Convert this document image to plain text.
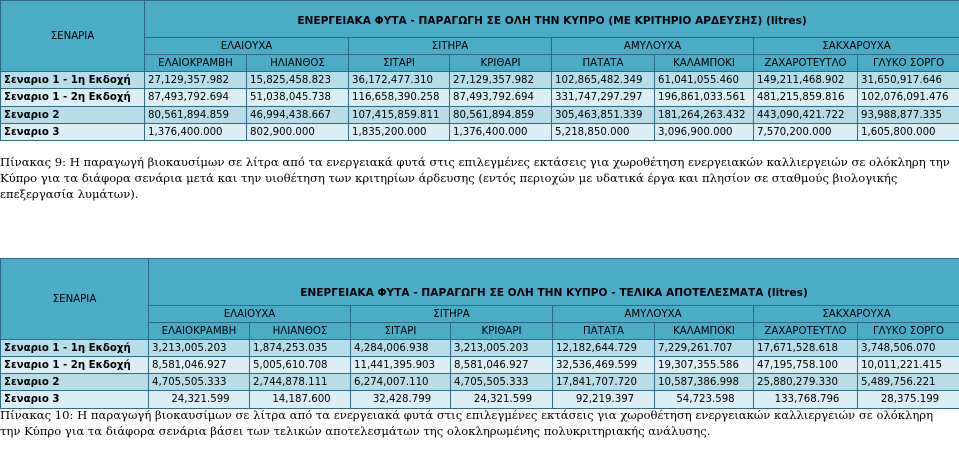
ΣΕΝΑΡΙΑ	ΕΝΕΡΓΕΙΑΚΑ ΦΥΤΑ - ΠΑΡΑΓΩΓΗ ΣΕ ΟΛΗ ΤΗΝ ΚΥΠΡΟ (ΜΕ ΚΡΙΤΗΡΙΟ ΑΡΔΕΥΣΗΣ) (litres)							
	ΕΛΑΙΟΥΧΑ		ΣΙΤΗΡΑ		ΑΜΥΛΟΥΧΑ		ΣΑΚΧΑΡΟΥΧΑ	
	ΕΛΑΙΟΚΡΑΜΒΗ	ΗΛΙΑΝΘΟΣ	ΣΙΤΑΡΙ	ΚΡΙΘΑΡΙ	ΠΑΤΑΤΑ	ΚΑΛΑΜΠΟΚΙ	ΖΑΧΑΡΟΤΕΥΤΛΟ	ΓΛΥΚΟ ΣΟΡΓΟ
Σεναριο 1 - 1η Εκδοχή	27,129,357.982	15,825,458.823	36,172,477.310	27,129,357.982	102,865,482.349	61,041,055.460	149,211,468.902	31,650,917.646
Σεναριο 1 - 2η Εκδοχή	87,493,792.694	51,038,045.738	116,658,390.258	87,493,792.694	331,747,297.297	196,861,033.561	481,215,859.816	102,076,091.476
Σεναριο 2	80,561,894.859	46,994,438.667	107,415,859.811	80,561,894.859	305,463,851.339	181,264,263.432	443,090,421.722	93,988,877.335
Σεναριο 3	1,376,400.000	802,900.000	1,835,200.000	1,376,400.000	5,218,850.000	3,096,900.000	7,570,200.000	1,605,800.000
Πίνακας 9: Η παραγωγή βιοκαυσίμων σε λίτρα από τα ενεργειακά φυτά στις επιλεγμένες εκτάσεις για χωροθέτηση ενεργειακών καλλιεργειών σε ολόκληρη την Κύπρο για τα διάφορα σενάρια μετά και την υιοθέτηση των κριτηρίων άρδευσης (εντός περιοχών με υδατικά έργα και πλησίον σε σταθμούς βιολογικής επεξεργασία λυμάτων).
ΣΕΝΑΡΙΑ	ΕΝΕΡΓΕΙΑΚΑ ΦΥΤΑ - ΠΑΡΑΓΩΓΗ ΣΕ ΟΛΗ ΤΗΝ ΚΥΠΡΟ - ΤΕΛΙΚΑ ΑΠΟΤΕΛΕΣΜΑΤΑ (litres)							
	ΕΛΑΙΟΥΧΑ		ΣΙΤΗΡΑ		ΑΜΥΛΟΥΧΑ		ΣΑΚΧΑΡΟΥΧΑ	
	ΕΛΑΙΟΚΡΑΜΒΗ	ΗΛΙΑΝΘΟΣ	ΣΙΤΑΡΙ	ΚΡΙΘΑΡΙ	ΠΑΤΑΤΑ	ΚΑΛΑΜΠΟΚΙ	ΖΑΧΑΡΟΤΕΥΤΛΟ	ΓΛΥΚΟ ΣΟΡΓΟ
Σεναριο 1 - 1η Εκδοχή	3,213,005.203	1,874,253.035	4,284,006.938	3,213,005.203	12,182,644.729	7,229,261.707	17,671,528.618	3,748,506.070
Σεναριο 1 - 2η Εκδοχή	8,581,046.927	5,005,610.708	11,441,395.903	8,581,046.927	32,536,469.599	19,307,355.586	47,195,758.100	10,011,221.415
Σεναριο 2	4,705,505.333	2,744,878.111	6,274,007.110	4,705,505.333	17,841,707.720	10,587,386.998	25,880,279.330	5,489,756.221
Σεναριο 3	24,321.599	14,187.600	32,428.799	24,321.599	92,219.397	54,723.598	133,768.796	28,375.199
Πίνακας 10: Η παραγωγή βιοκαυσίμων σε λίτρα από τα ενεργειακά φυτά στις επιλεγμένες εκτάσεις για χωροθέτηση ενεργειακών καλλιεργειών σε ολόκληρη την Κύπρο για τα διάφορα σενάρια βάσει των τελικών αποτελεσμάτων της ολοκληρωμένης πολυκριτηριακής ανάλυσης.
